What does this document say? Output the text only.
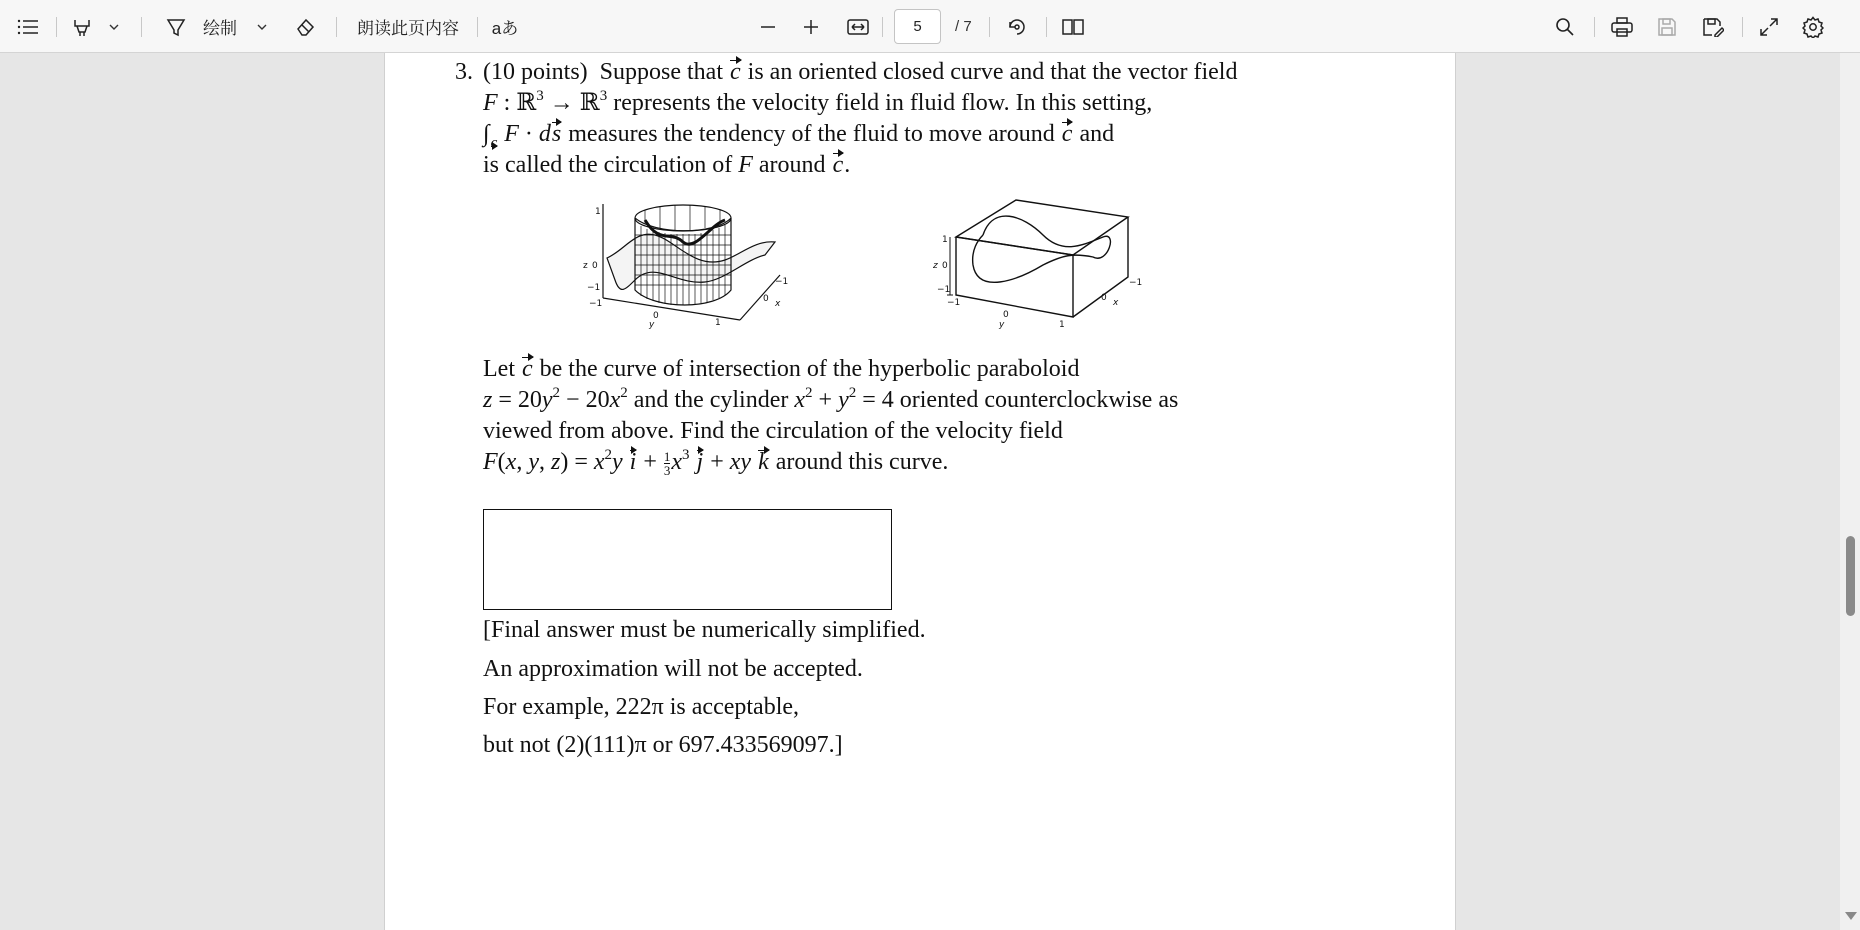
绘制	朗读此页内容 aあ	5	/ 7
3. (10 points) Suppose that c is an oriented closed curve and that the vector field
F : ℝ$^3$ → ℝ$^3$ represents the velocity field in fluid flow. In this setting,
$\int_c$ F · ds measures the tendency of the fluid to move around c and
is called the circulation of F around c.
z 0
1
−1
−1
0
y	1
0 x
−1
z 0
1
−1
−1
0
y	1
0 x
−1
Let c be the curve of intersection of the hyperbolic paraboloid
$z = 20y^2 - 20x^2$ and the cylinder $x^2 + y^2 = 4$ oriented counterclockwise as
viewed from above. Find the circulation of the velocity field
F(x, y, $z) = x^2y$ $i + \frac{1}{3} x^3$ j + xy k around this curve.
[Final answer must be numerically simplified.
An approximation will not be accepted.
For example, 222π is acceptable,
but not (2)(111)π or 697.433569097.]
